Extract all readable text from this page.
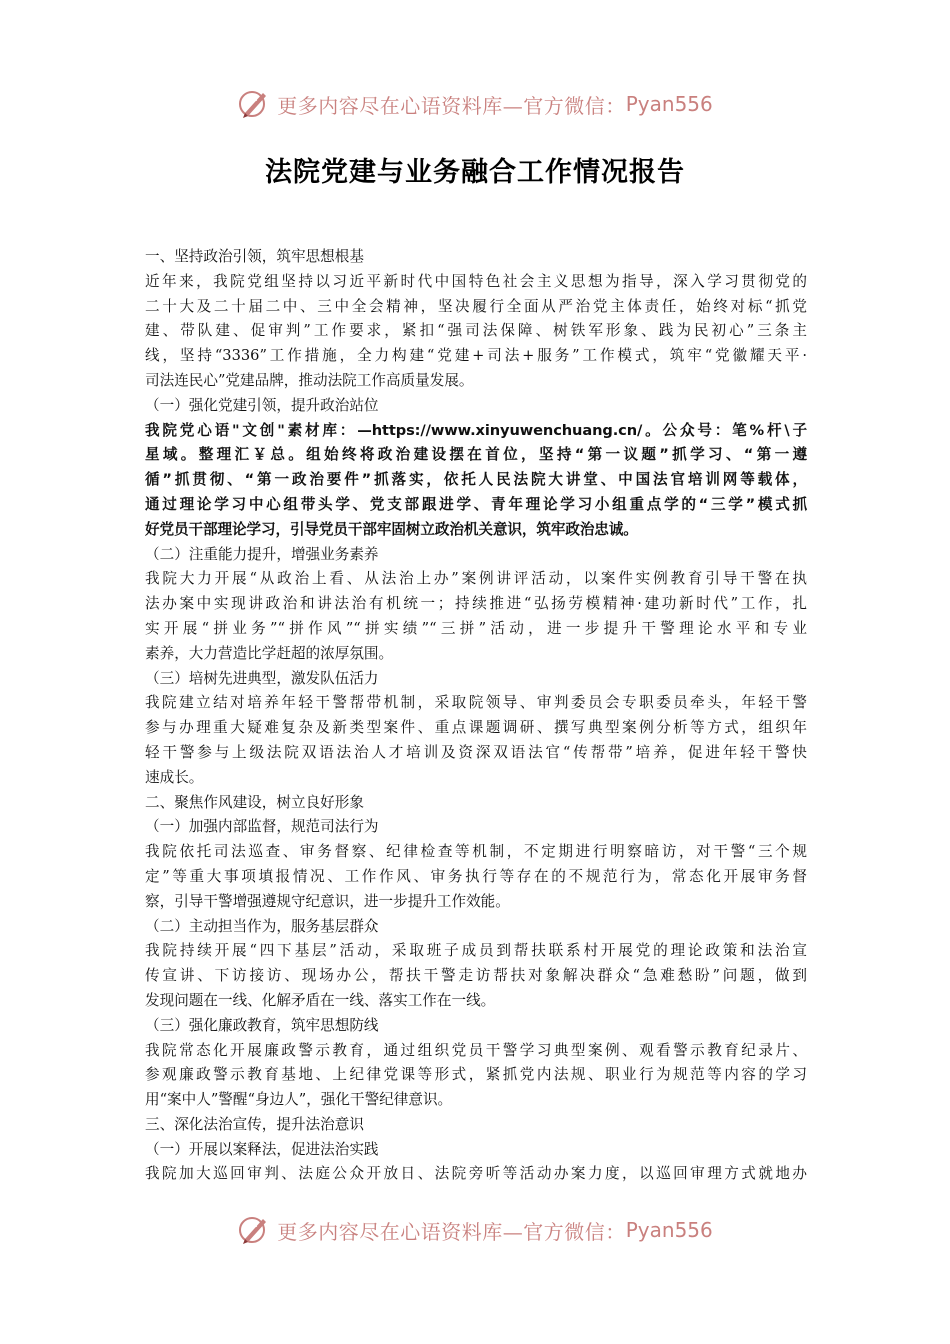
更多内容尽在心语资料库—官方微信： Pyan556
法院党建与业务融合工作情况报告
一、坚持政治引领，筑牢思想根基
近年来，我院党组坚持以习近平新时代中国特色社会主义思想为指导，深入学习贯彻党的
二十大及二十届二中、三中全会精神，坚决履行全面从严治党主体责任，始终对标“抓党
建、带队建、促审判”工作要求，紧扣“强司法保障、树铁军形象、践为民初心”三条主
线，坚持“3336”工作措施，全力构建“党建+司法+服务”工作模式，筑牢“党徽耀天平·
司法连民心”党建品牌，推动法院工作高质量发展。
（一）强化党建引领，提升政治站位
我院党心语"文创"素材库：—https://www.xinyuwenchuang.cn/。公众号：笔%杆\子
星域。整理汇￥总。组始终将政治建设摆在首位，坚持“第一议题”抓学习、“第一遵
循”抓贯彻、“第一政治要件”抓落实，依托人民法院大讲堂、中国法官培训网等载体，
通过理论学习中心组带头学、党支部跟进学、青年理论学习小组重点学的“三学”模式抓
好党员干部理论学习，引导党员干部牢固树立政治机关意识，筑牢政治忠诚。
（二）注重能力提升，增强业务素养
我院大力开展“从政治上看、从法治上办”案例讲评活动，以案件实例教育引导干警在执
法办案中实现讲政治和讲法治有机统一；持续推进“弘扬劳模精神·建功新时代”工作，扎
实开展“拼业务”“拼作风”“拼实绩”“三拼”活动，进一步提升干警理论水平和专业
素养，大力营造比学赶超的浓厚氛围。
（三）培树先进典型，激发队伍活力
我院建立结对培养年轻干警帮带机制，采取院领导、审判委员会专职委员牵头，年轻干警
参与办理重大疑难复杂及新类型案件、重点课题调研、撰写典型案例分析等方式，组织年
轻干警参与上级法院双语法治人才培训及资深双语法官“传帮带”培养，促进年轻干警快
速成长。
二、聚焦作风建设，树立良好形象
（一）加强内部监督，规范司法行为
我院依托司法巡查、审务督察、纪律检查等机制，不定期进行明察暗访，对干警“三个规
定”等重大事项填报情况、工作作风、审务执行等存在的不规范行为，常态化开展审务督
察，引导干警增强遵规守纪意识，进一步提升工作效能。
（二）主动担当作为，服务基层群众
我院持续开展“四下基层”活动，采取班子成员到帮扶联系村开展党的理论政策和法治宣
传宣讲、下访接访、现场办公，帮扶干警走访帮扶对象解决群众“急难愁盼”问题，做到
发现问题在一线、化解矛盾在一线、落实工作在一线。
（三）强化廉政教育，筑牢思想防线
我院常态化开展廉政警示教育，通过组织党员干警学习典型案例、观看警示教育纪录片、
参观廉政警示教育基地、上纪律党课等形式，紧抓党内法规、职业行为规范等内容的学习
用“案中人”警醒“身边人”，强化干警纪律意识。
三、深化法治宣传，提升法治意识
（一）开展以案释法，促进法治实践
我院加大巡回审判、法庭公众开放日、法院旁听等活动办案力度，以巡回审理方式就地办
更多内容尽在心语资料库—官方微信： Pyan556
